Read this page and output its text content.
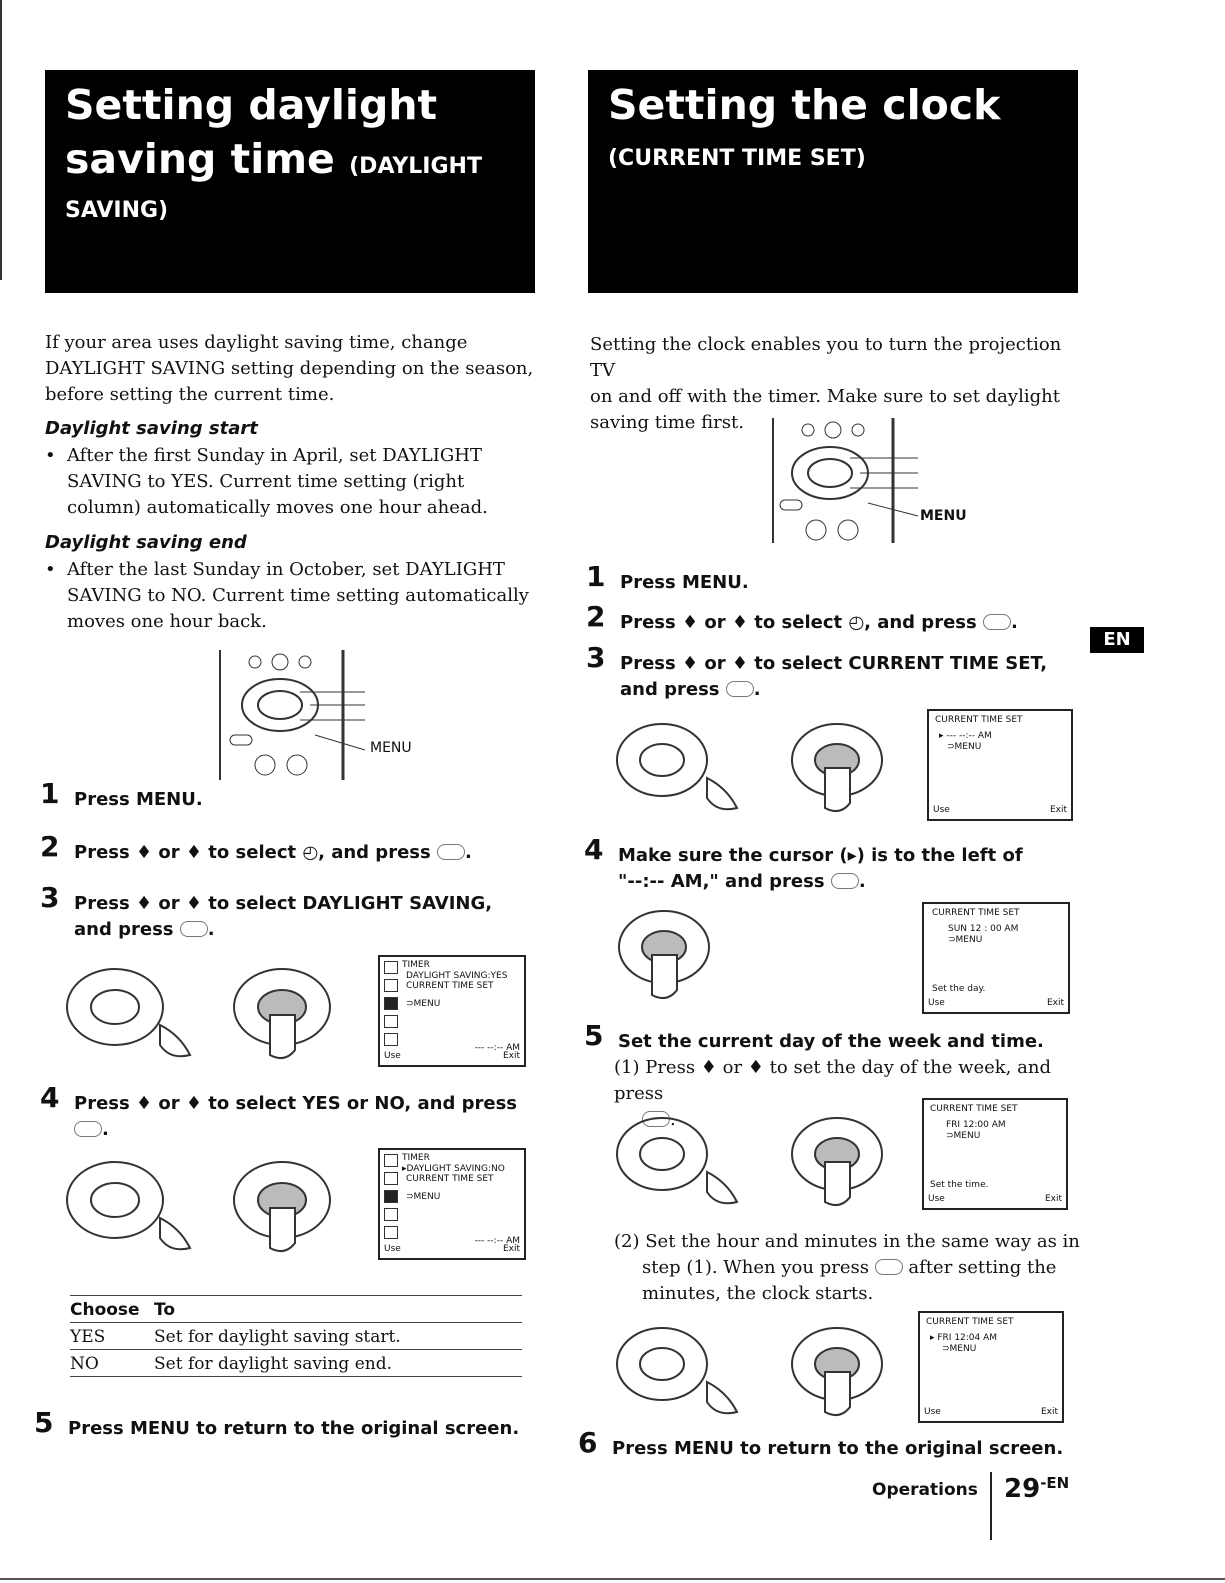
Setting daylight
saving time (DAYLIGHT
SAVING)
Setting the clock
(CURRENT TIME SET)
If your area uses daylight saving time, change
DAYLIGHT SAVING setting depending on the season,
before setting the current time.
Daylight saving start
• After the first Sunday in April, set DAYLIGHT
SAVING to YES. Current time setting (right
column) automatically moves one hour ahead.
Daylight saving end
• After the last Sunday in October, set DAYLIGHT
SAVING to NO. Current time setting automatically
moves one hour back.
MENU
1 Press MENU.
2 Press ♦ or ♦ to select ◴, and press .
3 Press ♦ or ♦ to select DAYLIGHT SAVING,
and press .
TIMER
DAYLIGHT SAVING:YES
CURRENT TIME SET
⊃MENU
--- --:-- AM
Use	Exit
4 Press ♦ or ♦ to select YES or NO, and press
.
TIMER
▸DAYLIGHT SAVING:NO
CURRENT TIME SET
⊃MENU
--- --:-- AM
Use	Exit
Choose To
YES	Set for daylight saving start.
NO	Set for daylight saving end.
5 Press MENU to return to the original screen.
Setting the clock enables you to turn the projection TV
on and off with the timer. Make sure to set daylight
saving time first.
MENU
1 Press MENU.
2 Press ♦ or ♦ to select ◴, and press .
3 Press ♦ or ♦ to select CURRENT TIME SET,
and press .
CURRENT TIME SET
▸ --- --:-- AM
⊃MENU
Use	Exit
4 Make sure the cursor (▸) is to the left of
"--:-- AM," and press .
CURRENT TIME SET
SUN 12 : 00 AM
⊃MENU
Set the day.
Use	Exit
5 Set the current day of the week and time.
(1) Press ♦ or ♦ to set the day of the week, and press
.	CURRENT TIME SET
FRI 12:00 AM
⊃MENU
Set the time.
Use	Exit
(2) Set the hour and minutes in the same way as in
step (1). When you press after setting the
minutes, the clock starts.
CURRENT TIME SET
▸ FRI 12:04 AM
⊃MENU
Use	Exit
6 Press MENU to return to the original screen.
EN
Operations $29^{-EN}$
